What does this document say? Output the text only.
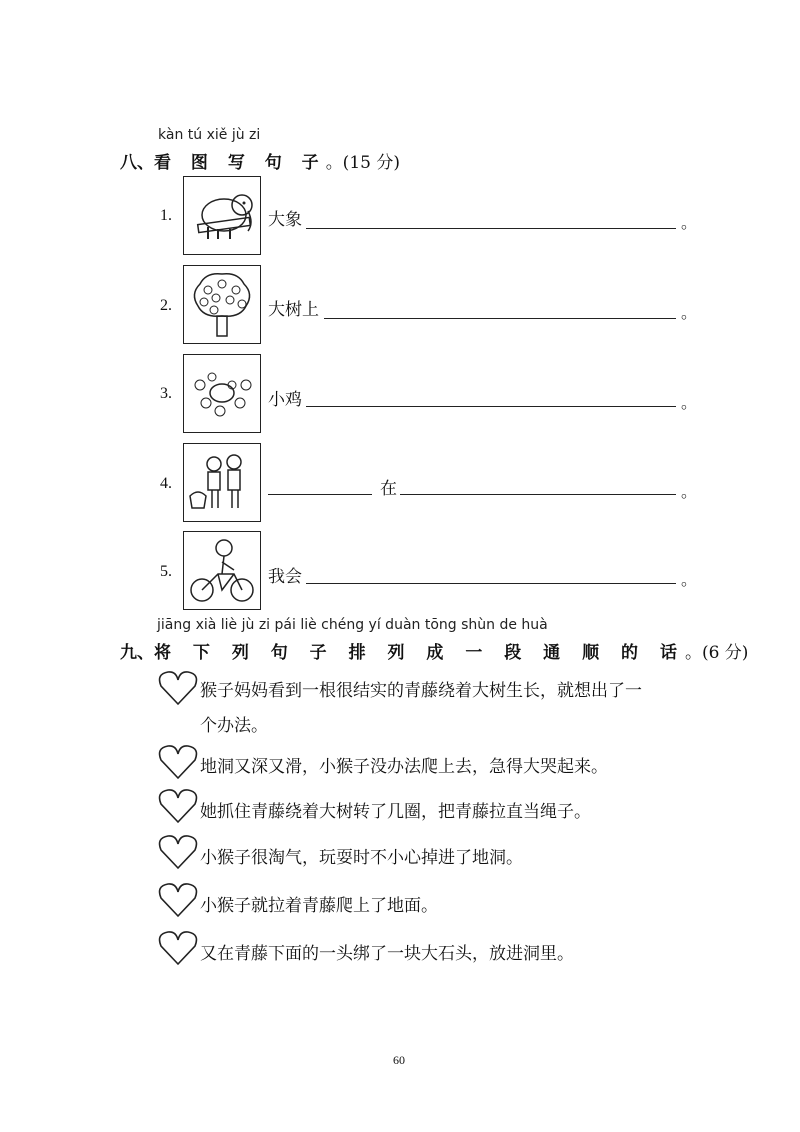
kàn tú xiě jù zi
八、看 图 写 句 子。(15 分)
1.	大象	。
2.	大树上	。
3.	小鸡	。
4.	在	。
5.	我会	。
jiāng xià liè jù zi pái liè chéng yí duàn tōng shùn de huà
九、将 下 列 句 子 排 列 成 一 段 通 顺 的 话。(6 分)
猴子妈妈看到一根很结实的青藤绕着大树生长，就想出了一
个办法。
地洞又深又滑，小猴子没办法爬上去，急得大哭起来。
她抓住青藤绕着大树转了几圈，把青藤拉直当绳子。
小猴子很淘气，玩耍时不小心掉进了地洞。
小猴子就拉着青藤爬上了地面。
又在青藤下面的一头绑了一块大石头，放进洞里。
60
